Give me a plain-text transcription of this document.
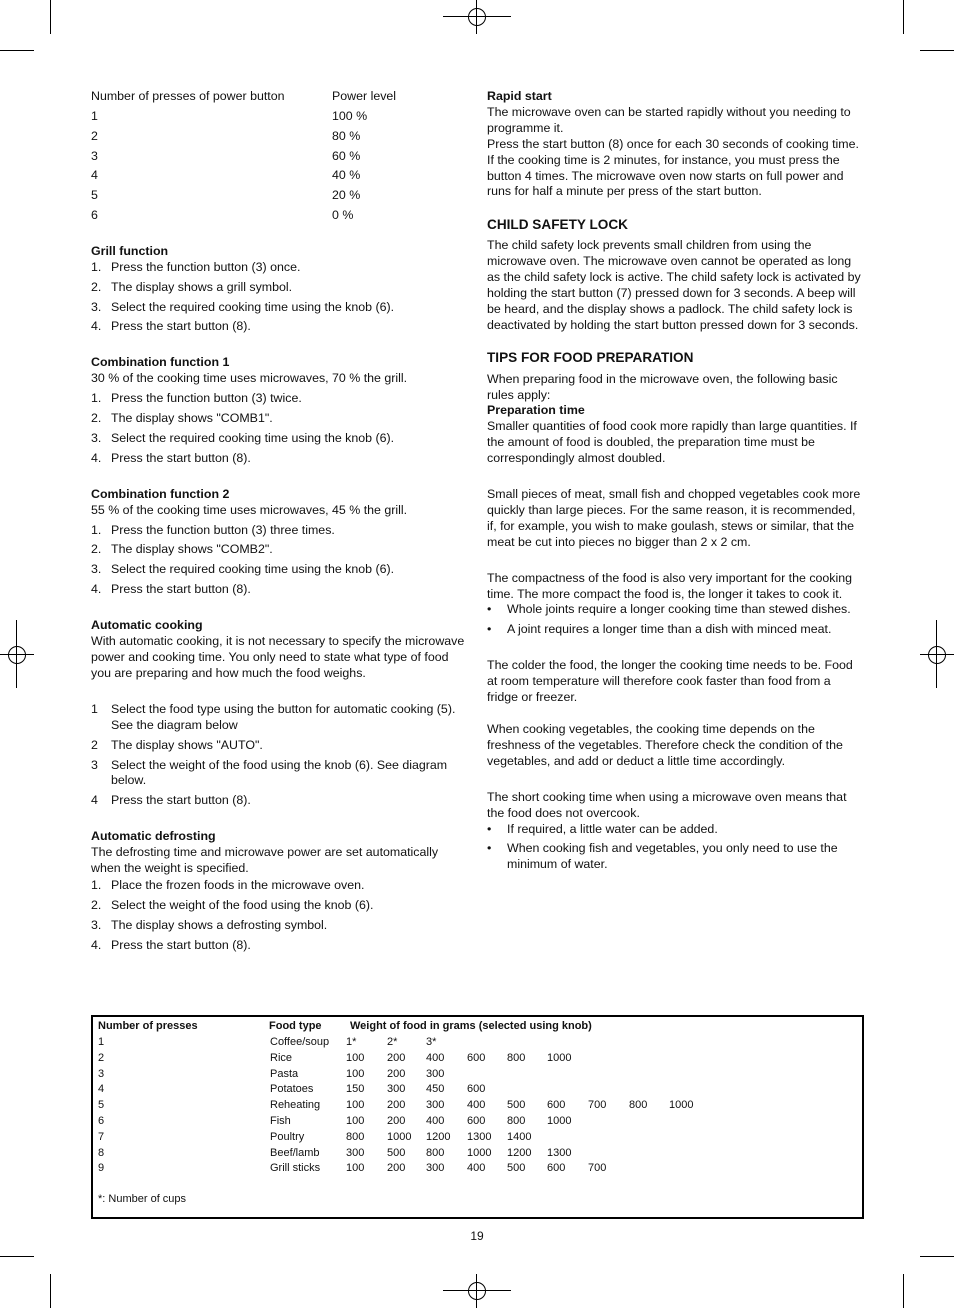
Number of presses of power button	Power level
1	100 %
2	80 %
3	60 %
4	40 %
5	20 %
6	0 %
Grill function
1. Press the function button (3) once.
2. The display shows a grill symbol.
3. Select the required cooking time using the knob (6).
4. Press the start button (8).
Combination function 1

30 % of the cooking time uses microwaves, 70 % the grill.

1. Press the function button (3) twice.
2. The display shows "COMB1".
3. Select the required cooking time using the knob (6).
4. Press the start button (8).
Combination function 2

55 % of the cooking time uses microwaves, 45 % the grill.

1. Press the function button (3) three times.
2. The display shows "COMB2".
3. Select the required cooking time using the knob (6).
4. Press the start button (8).
Automatic cooking

With automatic cooking, it is not necessary to specify the microwave power and cooking time. You only need to state what type of food you are preparing and how much the food weighs.

1 Select the food type using the button for automatic cooking (5). See the diagram below
2 The display shows "AUTO".
3 Select the weight of the food using the knob (6). See diagram below.
4 Press the start button (8).
Automatic defrosting

The defrosting time and microwave power are set automatically when the weight is specified.

1. Place the frozen foods in the microwave oven.
2. Select the weight of the food using the knob (6).
3. The display shows a defrosting symbol.
4. Press the start button (8).
Rapid start

The microwave oven can be started rapidly without you needing to programme it.

Press the start button (8) once for each 30 seconds of cooking time. If the cooking time is 2 minutes, for instance, you must press the button 4 times. The microwave oven now starts on full power and runs for half a minute per press of the start button.

CHILD SAFETY LOCK

The child safety lock prevents small children from using the microwave oven. The microwave oven cannot be operated as long as the child safety lock is active. The child safety lock is activated by holding the start button (7) pressed down for 3 seconds. A beep will be heard, and the display shows a padlock. The child safety lock is deactivated by holding the start button pressed down for 3 seconds.

TIPS FOR FOOD PREPARATION

When preparing food in the microwave oven, the following basic rules apply:

Preparation time

Smaller quantities of food cook more rapidly than large quantities. If the amount of food is doubled, the preparation time must be correspondingly almost doubled.

Small pieces of meat, small fish and chopped vegetables cook more quickly than large pieces. For the same reason, it is recommended, if, for example, you wish to make goulash, stews or similar, that the meat be cut into pieces no bigger than 2 x 2 cm.

The compactness of the food is also very important for the cooking time. The more compact the food is, the longer it takes to cook it.

• Whole joints require a longer cooking time than stewed dishes.
• A joint requires a longer time than a dish with minced meat.

The colder the food, the longer the cooking time needs to be. Food at room temperature will therefore cook faster than food from a fridge or freezer.

When cooking vegetables, the cooking time depends on the freshness of the vegetables. Therefore check the condition of the vegetables, and add or deduct a little time accordingly.

The short cooking time when using a microwave oven means that the food does not overcook.

• If required, a little water can be added.
• When cooking fish and vegetables, you only need to use the minimum of water.
Number of presses	Food type	Weight of food in grams (selected using knob)
1	Coffee/soup 1*	2*	3*
2	Rice	100 200 400 600 800 1000
3	Pasta	100 200 300
4	Potatoes	150 300 450 600
5	Reheating 100 200 300 400 500 600 700 800 1000
6	Fish	100 200 400 600 800 1000
7	Poultry	800 1000 1200 1300 1400
8	Beef/lamb 300 500 800 1000 1200 1300
9	Grill sticks 100 200 300 400 500 600 700
*: Number of cups
19
